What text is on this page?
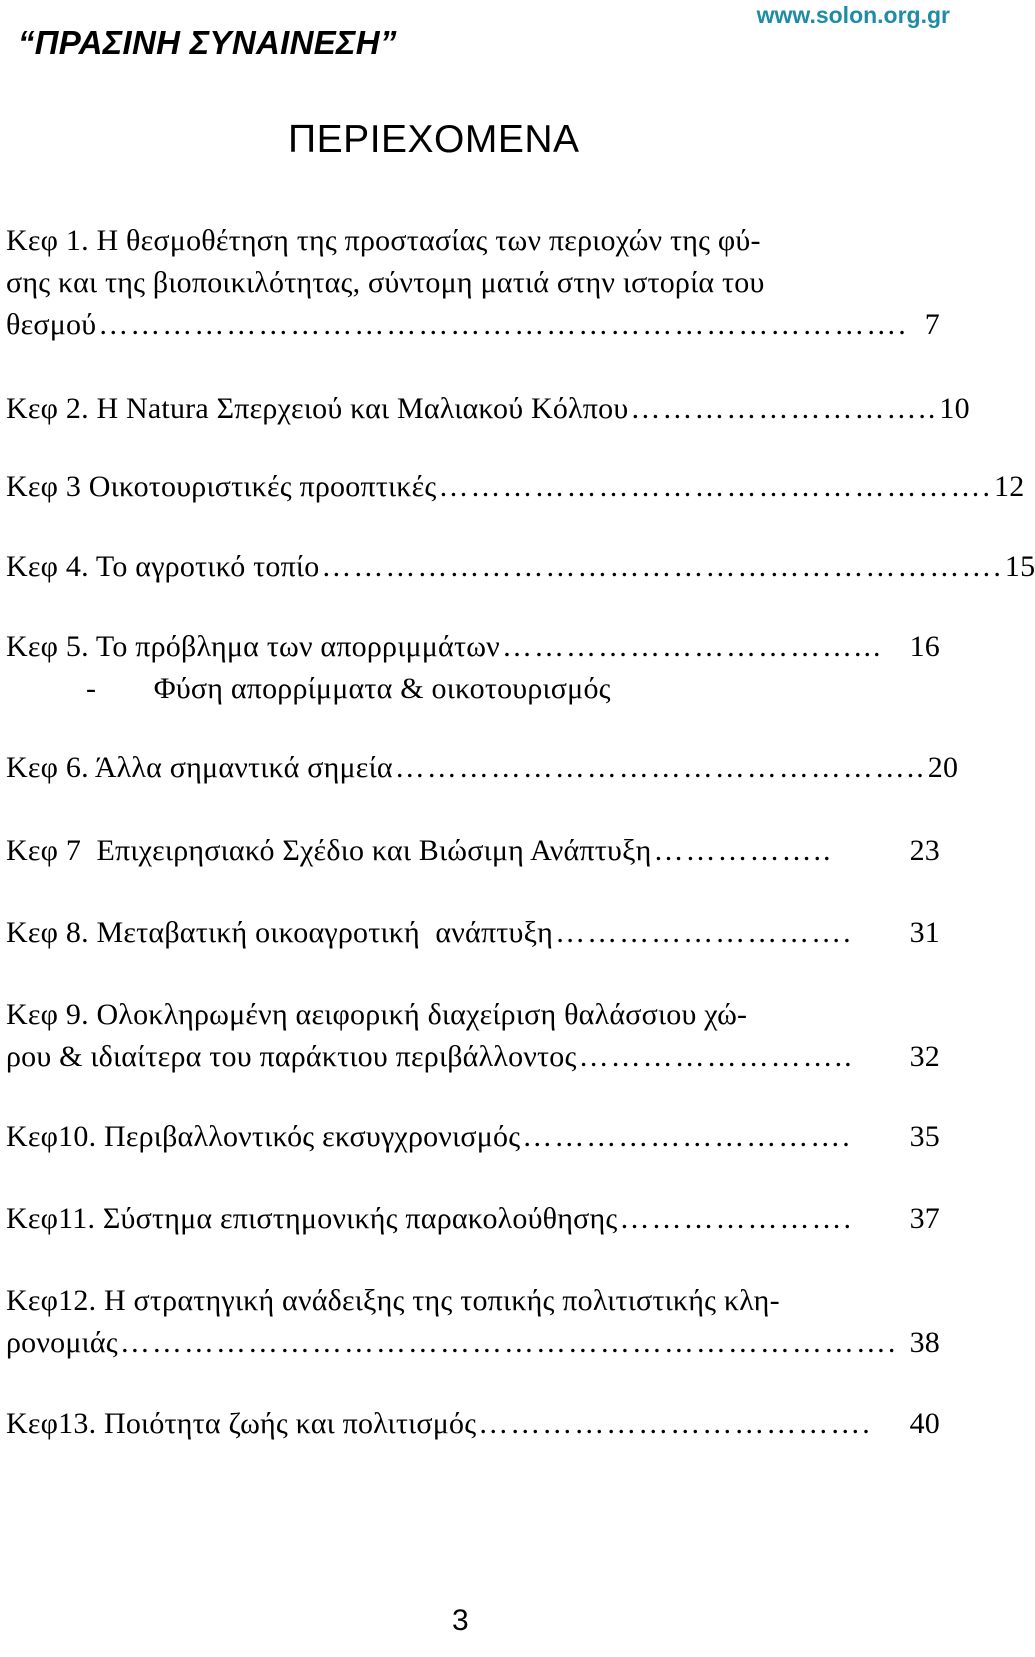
“ΠΡΑΣΙΝΗ ΣΥΝΑΙΝΕΣΗ”
www.solon.org.gr
ΠΕΡΙΕΧΟΜΕΝΑ
Κεφ 1. Η θεσμοθέτηση της προστασίας των περιοχών της φύ-
σης και της βιοποικιλότητας, σύντομη ματιά στην ιστορία του
θεσμού …………………………………………………………………. 7
Κεφ 2. Η Natura Σπερχειού και Μαλιακού Κόλπου ……………………….. 10
Κεφ 3 Οικοτουριστικές προοπτικές ……………………………………………. 12
Κεφ 4. Το αγροτικό τοπίο ………………………………………………………. 15
Κεφ 5. Το πρόβλημα των απορριμμάτων ……………………………... 16
- Φύση απορρίμματα & οικοτουρισμός
Κεφ 6. Άλλα σημαντικά σημεία ………………………………………….. 20
Κεφ 7  Επιχειρησιακό Σχέδιο και Βιώσιμη Ανάπτυξη ……………..	23
Κεφ 8. Μεταβατική οικοαγροτική  ανάπτυξη ……………………….	31
Κεφ 9. Ολοκληρωμένη αειφορική διαχείριση θαλάσσιου χώ-
ρου & ιδιαίτερα του παράκτιου περιβάλλοντος ……………………..	32
Κεφ10. Περιβαλλοντικός εκσυγχρονισμός ………………………….	35
Κεφ11. Σύστημα επιστημονικής παρακολούθησης ………………….	37
Κεφ12. Η στρατηγική ανάδειξης της τοπικής πολιτιστικής κλη-
ρονομιάς ………………………………………………………………. 38
Κεφ13. Ποιότητα ζωής και πολιτισμός ……………………………….	40
3
